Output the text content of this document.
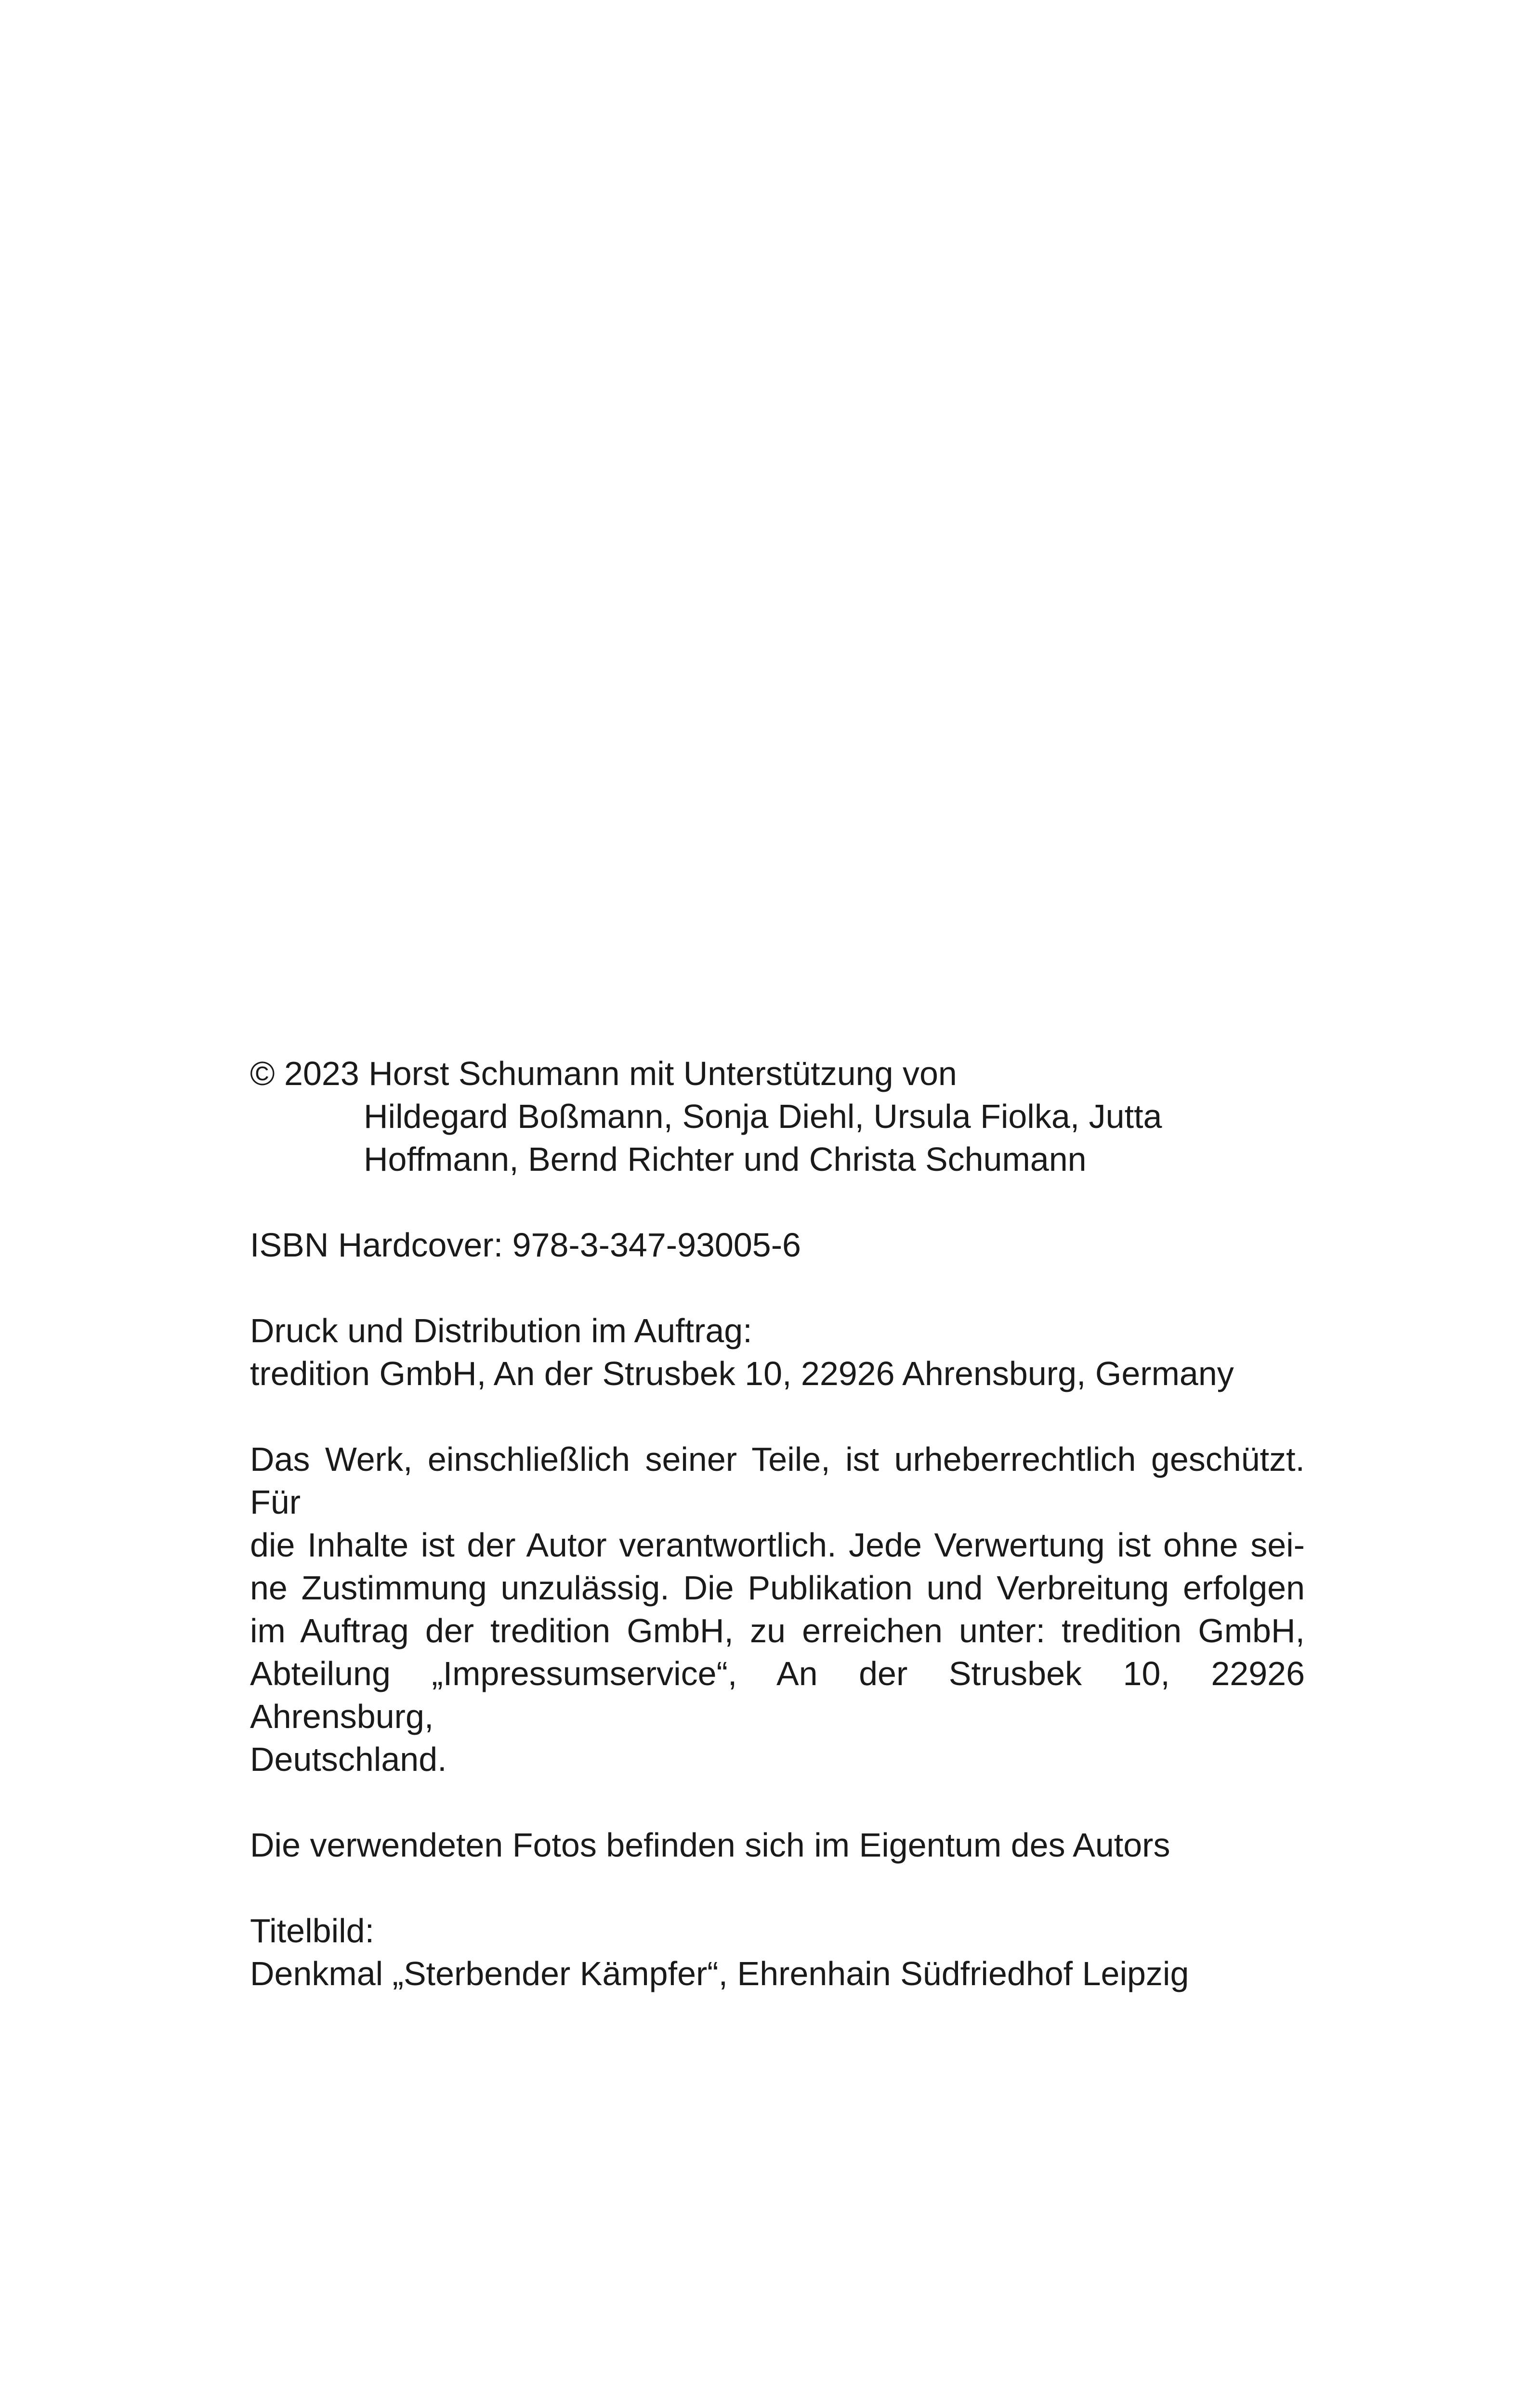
© 2023 Horst Schumann mit Unterstützung von
Hildegard Boßmann, Sonja Diehl, Ursula Fiolka, Jutta
Hoffmann, Bernd Richter und Christa Schumann
ISBN Hardcover: 978-3-347-93005-6
Druck und Distribution im Auftrag:
tredition GmbH, An der Strusbek 10, 22926 Ahrensburg, Germany
Das Werk, einschließlich seiner Teile, ist urheberrechtlich geschützt. Für
die Inhalte ist der Autor verantwortlich. Jede Verwertung ist ohne sei-
ne Zustimmung unzulässig. Die Publikation und Verbreitung erfolgen
im Auftrag der tredition GmbH, zu erreichen unter: tredition GmbH,
Abteilung „Impressumservice“, An der Strusbek 10, 22926 Ahrensburg,
Deutschland.
Die verwendeten Fotos befinden sich im Eigentum des Autors
Titelbild:
Denkmal „Sterbender Kämpfer“, Ehrenhain Südfriedhof Leipzig
